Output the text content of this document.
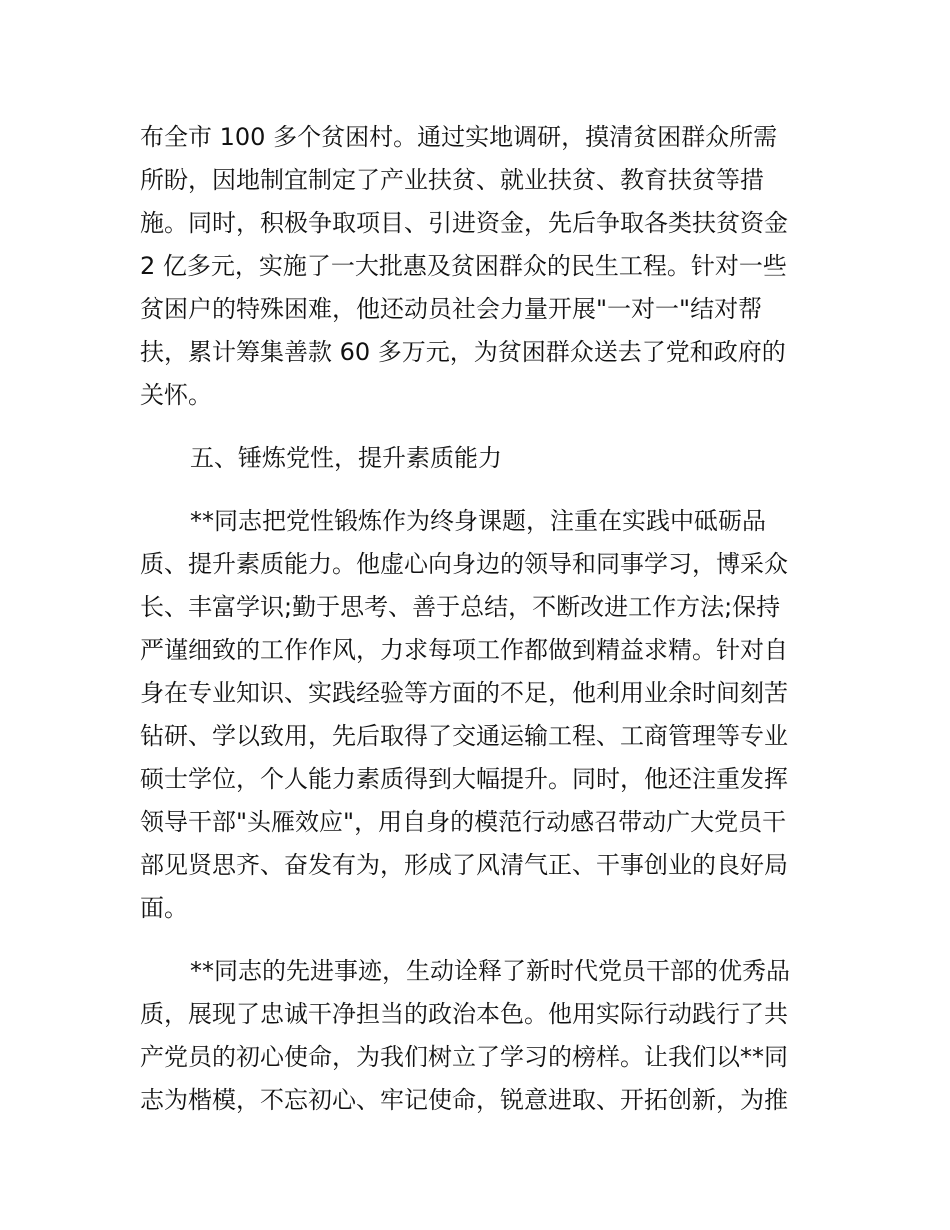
布全市 100 多个贫困村。通过实地调研，摸清贫困群众所需
所盼，因地制宜制定了产业扶贫、就业扶贫、教育扶贫等措
施。同时，积极争取项目、引进资金，先后争取各类扶贫资金
2 亿多元，实施了一大批惠及贫困群众的民生工程。针对一些
贫困户的特殊困难，他还动员社会力量开展"一对一"结对帮
扶，累计筹集善款 60 多万元，为贫困群众送去了党和政府的
关怀。
五、锤炼党性，提升素质能力
**同志把党性锻炼作为终身课题，注重在实践中砥砺品
质、提升素质能力。他虚心向身边的领导和同事学习，博采众
长、丰富学识;勤于思考、善于总结，不断改进工作方法;保持
严谨细致的工作作风，力求每项工作都做到精益求精。针对自
身在专业知识、实践经验等方面的不足，他利用业余时间刻苦
钻研、学以致用，先后取得了交通运输工程、工商管理等专业
硕士学位，个人能力素质得到大幅提升。同时，他还注重发挥
领导干部"头雁效应"，用自身的模范行动感召带动广大党员干
部见贤思齐、奋发有为，形成了风清气正、干事创业的良好局
面。
**同志的先进事迹，生动诠释了新时代党员干部的优秀品
质，展现了忠诚干净担当的政治本色。他用实际行动践行了共
产党员的初心使命，为我们树立了学习的榜样。让我们以**同
志为楷模，不忘初心、牢记使命，锐意进取、开拓创新，为推
